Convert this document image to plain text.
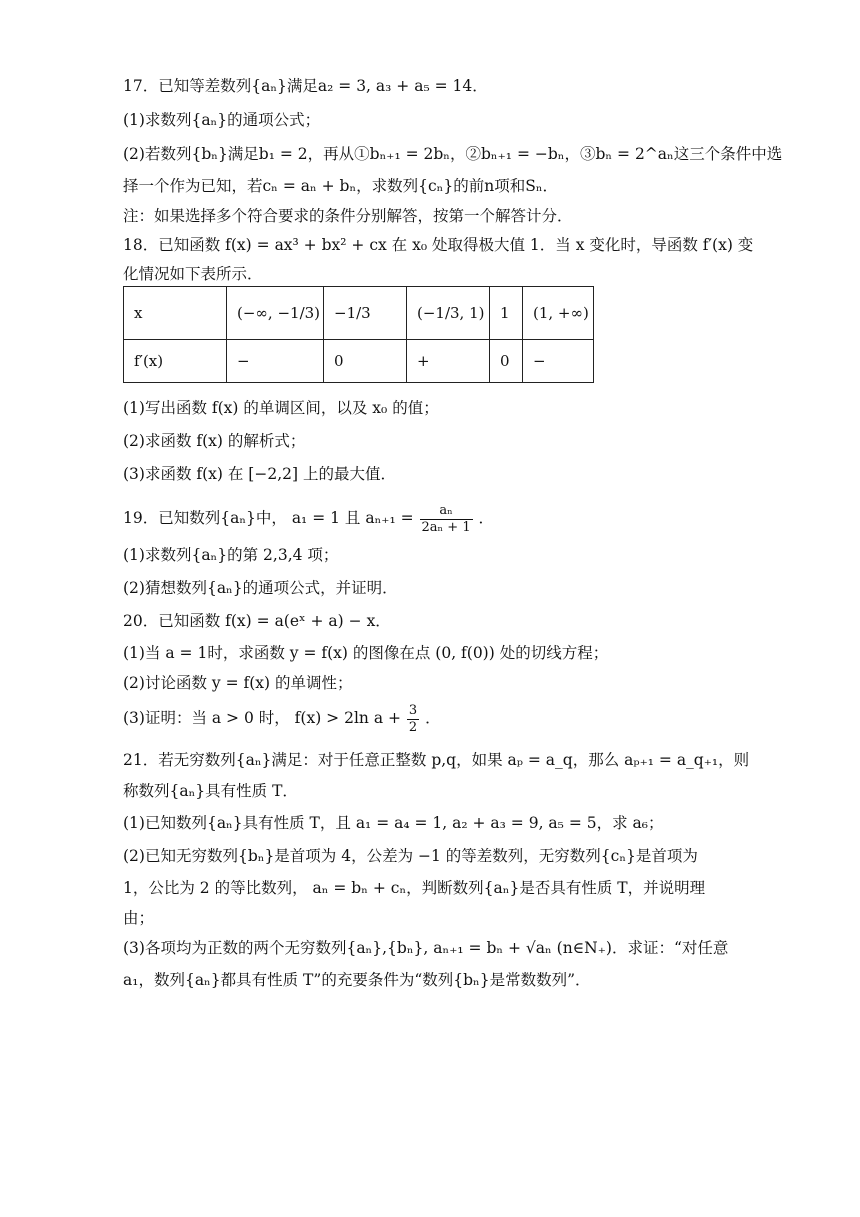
17．已知等差数列{aₙ}满足a₂ = 3, a₃ + a₅ = 14．
(1)求数列{aₙ}的通项公式；
(2)若数列{bₙ}满足b₁ = 2，再从①bₙ₊₁ = 2bₙ，②bₙ₊₁ = −bₙ，③bₙ = 2^aₙ这三个条件中选
择一个作为已知，若cₙ = aₙ + bₙ，求数列{cₙ}的前n项和Sₙ．
注：如果选择多个符合要求的条件分别解答，按第一个解答计分．
18．已知函数 f(x) = ax³ + bx² + cx 在 x₀ 处取得极大值 1．当 x 变化时，导函数 f′(x) 变
化情况如下表所示．
x	(−∞, −1/3)	−1/3	(−1/3, 1)	1	(1, +∞)
f′(x)	−	0	+	0	−
(1)写出函数 f(x) 的单调区间，以及 x₀ 的值；
(2)求函数 f(x) 的解析式；
(3)求函数 f(x) 在 [−2,2] 上的最大值．
19．已知数列{aₙ}中， a₁ = 1 且 $a_{n+1} = \frac{\text{aₙ}}{\text{2aₙ + 1}}$ ．
(1)求数列{aₙ}的第 2,3,4 项；
(2)猜想数列{aₙ}的通项公式，并证明．
20．已知函数 f(x) = a(eˣ + a) − x．
(1)当 a = 1时，求函数 y = f(x) 的图像在点 (0, f(0)) 处的切线方程；
(2)讨论函数 y = f(x) 的单调性；
(3)证明：当 a > 0 时， f(x) > 2ln $a + \frac{3}{2}$ ．
21．若无穷数列{aₙ}满足：对于任意正整数 p,q，如果 aₚ = a_q，那么 aₚ₊₁ = a_q₊₁，则
称数列{aₙ}具有性质 T．
(1)已知数列{aₙ}具有性质 T，且 a₁ = a₄ = 1, a₂ + a₃ = 9, a₅ = 5，求 a₆；
(2)已知无穷数列{bₙ}是首项为 4，公差为 −1 的等差数列，无穷数列{cₙ}是首项为
1，公比为 2 的等比数列， aₙ = bₙ + cₙ，判断数列{aₙ}是否具有性质 T，并说明理
由；
(3)各项均为正数的两个无穷数列{aₙ},{bₙ}, aₙ₊₁ = bₙ + √aₙ (n∈N₊)．求证：“对任意
a₁，数列{aₙ}都具有性质 T”的充要条件为“数列{bₙ}是常数数列”．
